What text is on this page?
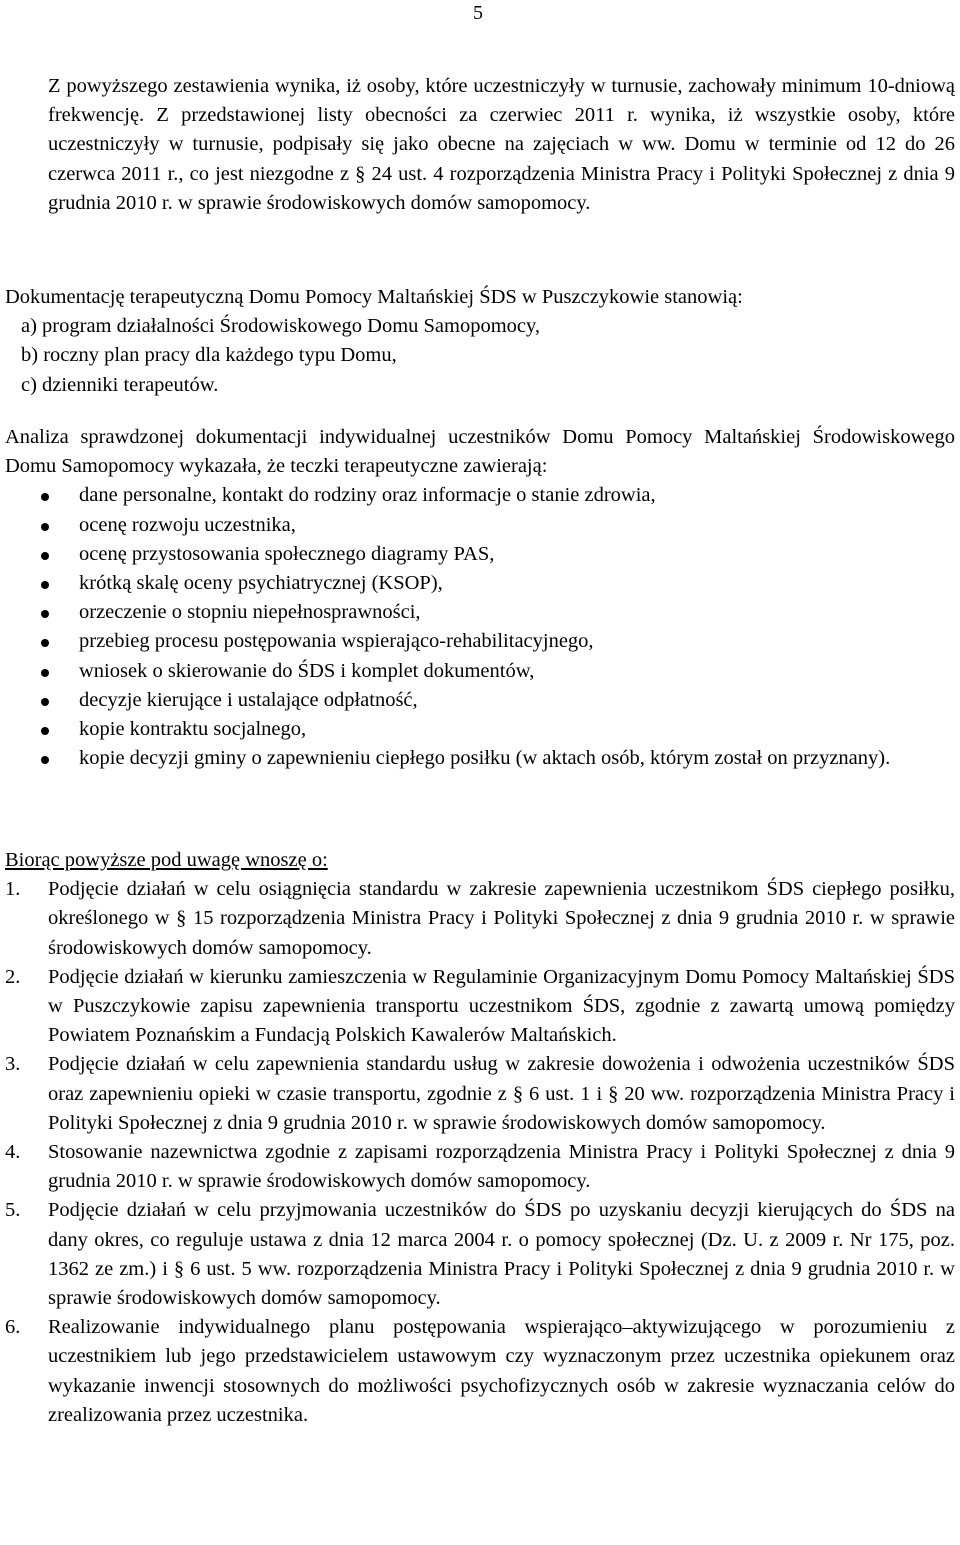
5

Z powyższego zestawienia wynika, iż osoby, które uczestniczyły w turnusie, zachowały minimum 10-dniową frekwencję. Z przedstawionej listy obecności za czerwiec 2011 r. wynika, iż wszystkie osoby, które uczestniczyły w turnusie, podpisały się jako obecne na zajęciach w ww. Domu w terminie od 12 do 26 czerwca 2011 r., co jest niezgodne z § 24 ust. 4 rozporządzenia Ministra Pracy i Polityki Społecznej z dnia 9 grudnia 2010 r. w sprawie środowiskowych domów samopomocy.

Dokumentację terapeutyczną Domu Pomocy Maltańskiej ŚDS w Puszczykowie stanowią:
a) program działalności Środowiskowego Domu Samopomocy,
b) roczny plan pracy dla każdego typu Domu,
c) dzienniki terapeutów.
Analiza sprawdzonej dokumentacji indywidualnej uczestników Domu Pomocy Maltańskiej Środowiskowego Domu Samopomocy wykazała, że teczki terapeutyczne zawierają:
dane personalne, kontakt do rodziny oraz informacje o stanie zdrowia,
ocenę rozwoju uczestnika,
ocenę przystosowania społecznego diagramy PAS,
krótką skalę oceny psychiatrycznej (KSOP),
orzeczenie o stopniu niepełnosprawności,
przebieg procesu postępowania wspierająco-rehabilitacyjnego,
wniosek o skierowanie do ŚDS i komplet dokumentów,
decyzje kierujące i ustalające odpłatność,
kopie kontraktu socjalnego,
kopie decyzji gminy o zapewnieniu ciepłego posiłku (w aktach osób, którym został on przyznany).
Biorąc powyższe pod uwagę wnoszę o:
1. Podjęcie działań w celu osiągnięcia standardu w zakresie zapewnienia uczestnikom ŚDS ciepłego posiłku, określonego w § 15 rozporządzenia Ministra Pracy i Polityki Społecznej z dnia 9 grudnia 2010 r. w sprawie środowiskowych domów samopomocy.
2. Podjęcie działań w kierunku zamieszczenia w Regulaminie Organizacyjnym Domu Pomocy Maltańskiej ŚDS w Puszczykowie zapisu zapewnienia transportu uczestnikom ŚDS, zgodnie z zawartą umową pomiędzy Powiatem Poznańskim a Fundacją Polskich Kawalerów Maltańskich.
3. Podjęcie działań w celu zapewnienia standardu usług w zakresie dowożenia i odwożenia uczestników ŚDS oraz zapewnieniu opieki w czasie transportu, zgodnie z § 6 ust. 1 i § 20 ww. rozporządzenia Ministra Pracy i Polityki Społecznej z dnia 9 grudnia 2010 r. w sprawie środowiskowych domów samopomocy.
4. Stosowanie nazewnictwa zgodnie z zapisami rozporządzenia Ministra Pracy i Polityki Społecznej z dnia 9 grudnia 2010 r. w sprawie środowiskowych domów samopomocy.
5. Podjęcie działań w celu przyjmowania uczestników do ŚDS po uzyskaniu decyzji kierujących do ŚDS na dany okres, co reguluje ustawa z dnia 12 marca 2004 r. o pomocy społecznej (Dz. U. z 2009 r. Nr 175, poz. 1362 ze zm.) i § 6 ust. 5 ww. rozporządzenia Ministra Pracy i Polityki Społecznej z dnia 9 grudnia 2010 r. w sprawie środowiskowych domów samopomocy.
6. Realizowanie indywidualnego planu postępowania wspierająco–aktywizującego w porozumieniu z uczestnikiem lub jego przedstawicielem ustawowym czy wyznaczonym przez uczestnika opiekunem oraz wykazanie inwencji stosownych do możliwości psychofizycznych osób w zakresie wyznaczania celów do zrealizowania przez uczestnika.
